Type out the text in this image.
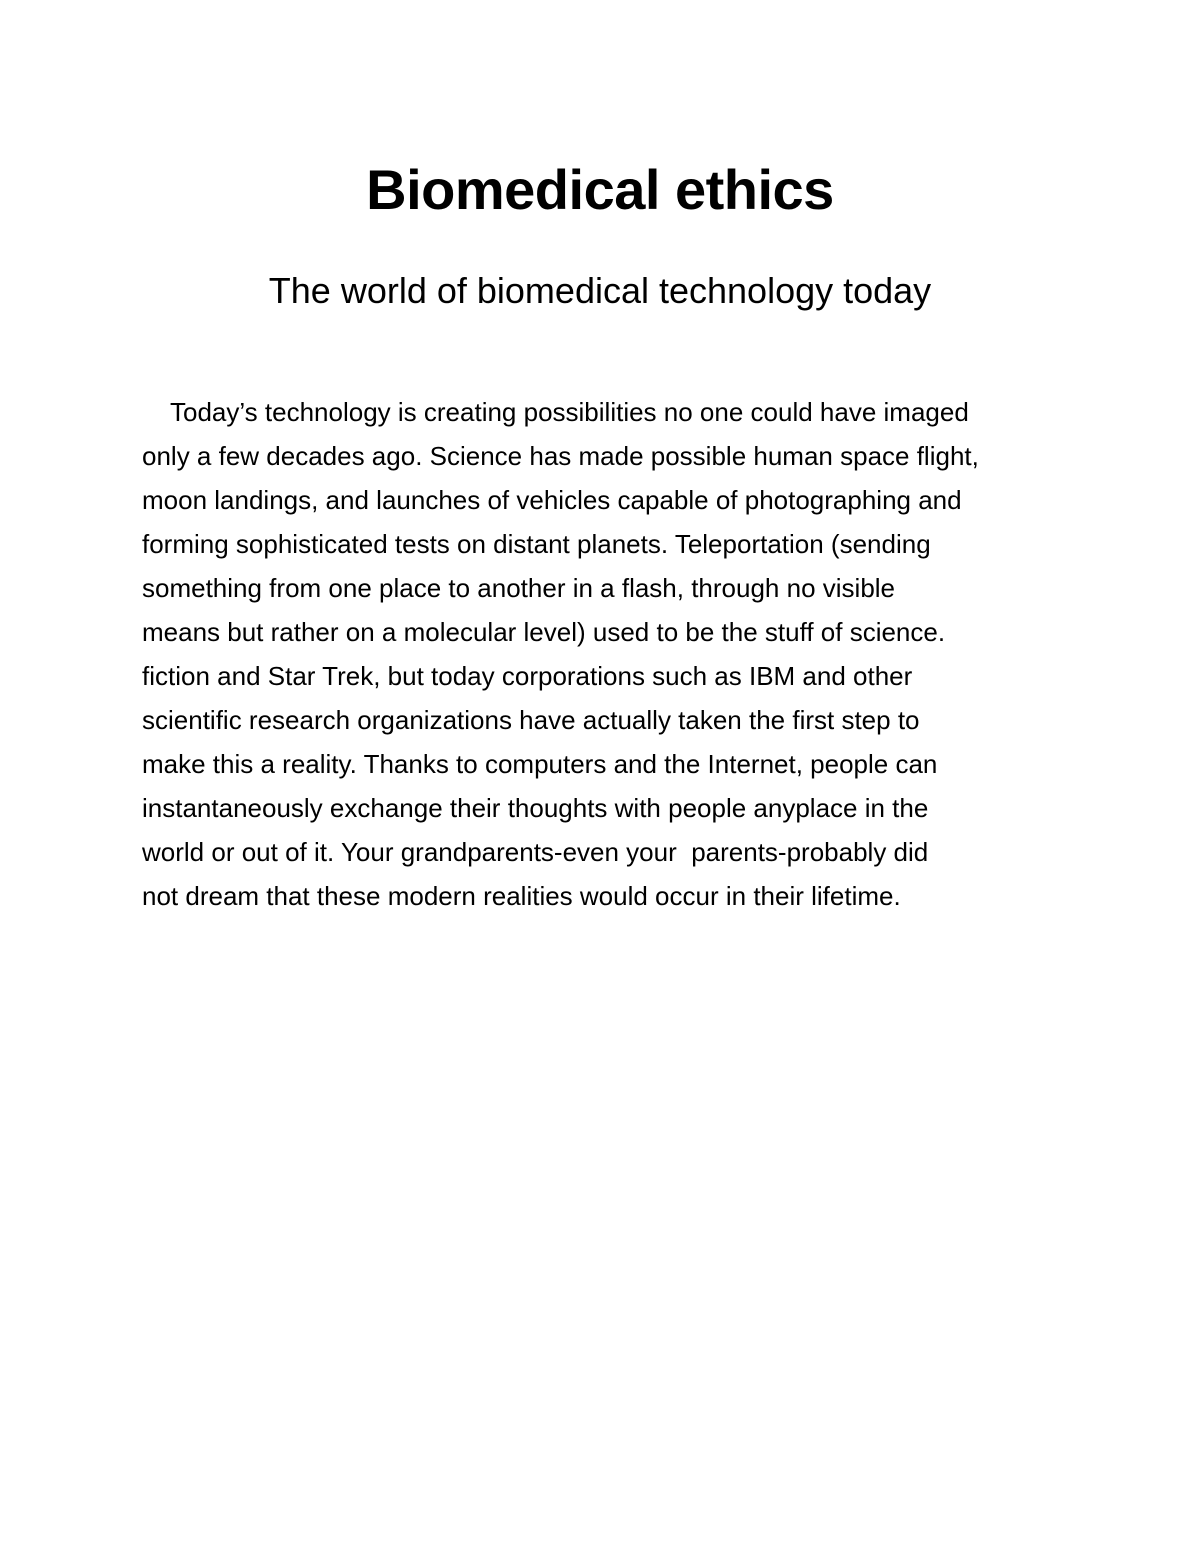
Biomedical ethics
The world of biomedical technology today
Today’s technology is creating possibilities no one could have imaged
only a few decades ago. Science has made possible human space flight,
moon landings, and launches of vehicles capable of photographing and
forming sophisticated tests on distant planets. Teleportation (sending
something from one place to another in a flash, through no visible
means but rather on a molecular level) used to be the stuff of science.
fiction and Star Trek, but today corporations such as IBM and other
scientific research organizations have actually taken the first step to
make this a reality. Thanks to computers and the Internet, people can
instantaneously exchange their thoughts with people anyplace in the
world or out of it. Your grandparents-even your  parents-probably did
not dream that these modern realities would occur in their lifetime.
